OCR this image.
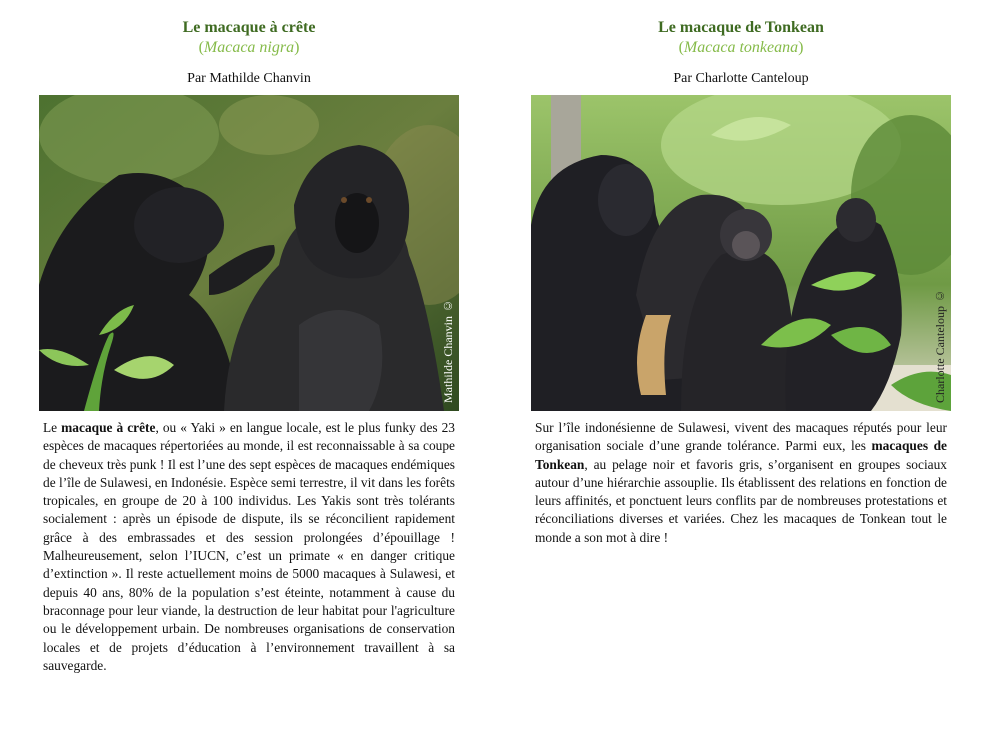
Le macaque à crête
(Macaca nigra)
Par Mathilde Chanvin
Mathilde Chanvin ©
Le macaque à crête, ou « Yaki » en langue locale, est le plus funky des 23 espèces de macaques répertoriées au monde, il est reconnaissable à sa coupe de cheveux très punk ! Il est l’une des sept espèces de macaques endémiques de l’île de Sulawesi, en Indonésie. Espèce semi terrestre, il vit dans les forêts tropicales, en groupe de 20 à 100 individus. Les Yakis sont très tolérants socialement : après un épisode de dispute, ils se réconcilient rapidement grâce à des embrassades et des session prolongées d’épouillage ! Malheureusement, selon l’IUCN, c’est un primate « en danger critique d’extinction ». Il reste actuellement moins de 5000 macaques à Sulawesi, et depuis 40 ans, 80% de la population s’est éteinte, notamment à cause du braconnage pour leur viande, la destruction de leur habitat pour l'agriculture ou le développement urbain. De nombreuses organisations de conservation locales et de projets d’éducation à l’environnement travaillent à sa sauvegarde.
Le macaque de Tonkean
(Macaca tonkeana)
Par Charlotte Canteloup
Charlotte Canteloup ©
Sur l’île indonésienne de Sulawesi, vivent des macaques réputés pour leur organisation sociale d’une grande tolérance. Parmi eux, les macaques de Tonkean, au pelage noir et favoris gris, s’organisent en groupes sociaux autour d’une hiérarchie assouplie. Ils établissent des relations en fonction de leurs affinités, et ponctuent leurs conflits par de nombreuses protestations et réconciliations diverses et variées. Chez les macaques de Tonkean tout le monde a son mot à dire !
